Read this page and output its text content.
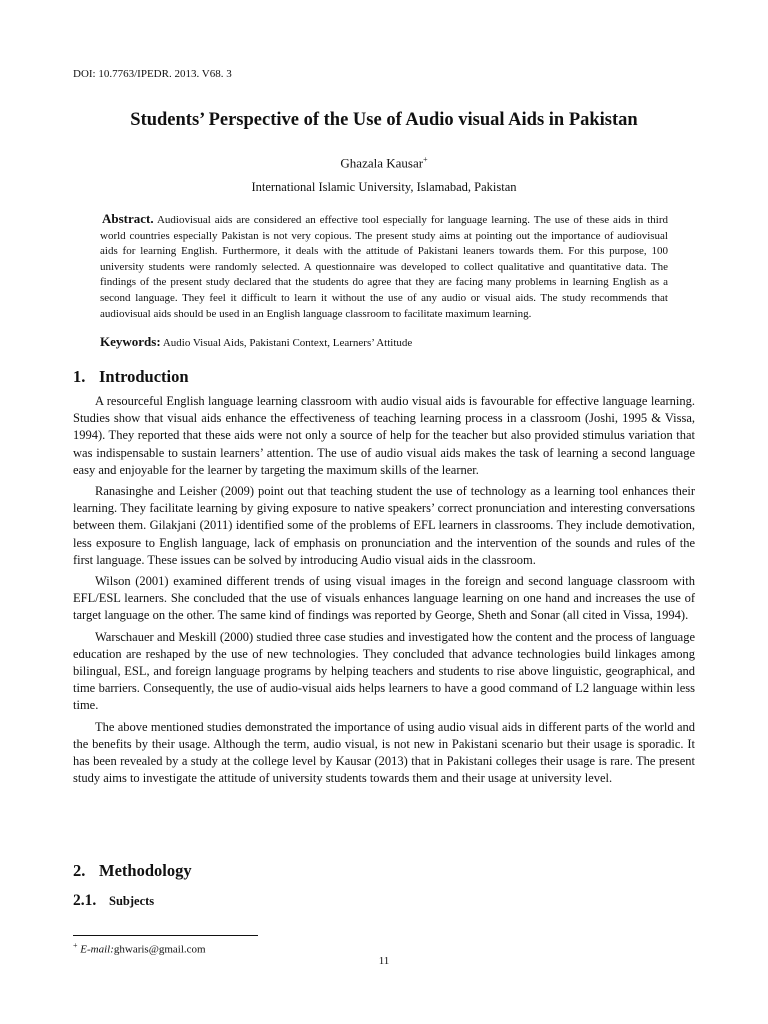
DOI: 10.7763/IPEDR. 2013. V68. 3
Students’ Perspective of the Use of Audio visual Aids in Pakistan
Ghazala Kausar+
International Islamic University, Islamabad, Pakistan
Abstract. Audiovisual aids are considered an effective tool especially for language learning. The use of these aids in third world countries especially Pakistan is not very copious. The present study aims at pointing out the importance of audiovisual aids for learning English. Furthermore, it deals with the attitude of Pakistani leaners towards them. For this purpose, 100 university students were randomly selected. A questionnaire was developed to collect qualitative and quantitative data. The findings of the present study declared that the students do agree that they are facing many problems in learning English as a second language. They feel it difficult to learn it without the use of any audio or visual aids. The study recommends that audiovisual aids should be used in an English language classroom to facilitate maximum learning.
Keywords: Audio Visual Aids, Pakistani Context, Learners’ Attitude
1. Introduction

A resourceful English language learning classroom with audio visual aids is favourable for effective language learning. Studies show that visual aids enhance the effectiveness of teaching learning process in a classroom (Joshi, 1995 & Vissa, 1994). They reported that these aids were not only a source of help for the teacher but also provided stimulus variation that was indispensable to sustain learners’ attention. The use of audio visual aids makes the task of learning a second language easy and enjoyable for the learner by targeting the maximum skills of the learner.

Ranasinghe and Leisher (2009) point out that teaching student the use of technology as a learning tool enhances their learning. They facilitate learning by giving exposure to native speakers’ correct pronunciation and interesting conversations between them. Gilakjani (2011) identified some of the problems of EFL learners in classrooms. They include demotivation, less exposure to English language, lack of emphasis on pronunciation and the intervention of the sounds and rules of the first language. These issues can be solved by introducing Audio visual aids in the classroom.

Wilson (2001) examined different trends of using visual images in the foreign and second language classroom with EFL/ESL learners. She concluded that the use of visuals enhances language learning on one hand and increases the use of target language on the other. The same kind of findings was reported by George, Sheth and Sonar (all cited in Vissa, 1994).

Warschauer and Meskill (2000) studied three case studies and investigated how the content and the process of language education are reshaped by the use of new technologies. They concluded that advance technologies build linkages among bilingual, ESL, and foreign language programs by helping teachers and students to rise above linguistic, geographical, and time barriers. Consequently, the use of audio-visual aids helps learners to have a good command of L2 language within less time.

The above mentioned studies demonstrated the importance of using audio visual aids in different parts of the world and the benefits by their usage. Although the term, audio visual, is not new in Pakistani scenario but their usage is sporadic. It has been revealed by a study at the college level by Kausar (2013) that in Pakistani colleges their usage is rare. The present study aims to investigate the attitude of university students towards them and their usage at university level.

2. Methodology
2.1. Subjects
+ E-mail:ghwaris@gmail.com
11
